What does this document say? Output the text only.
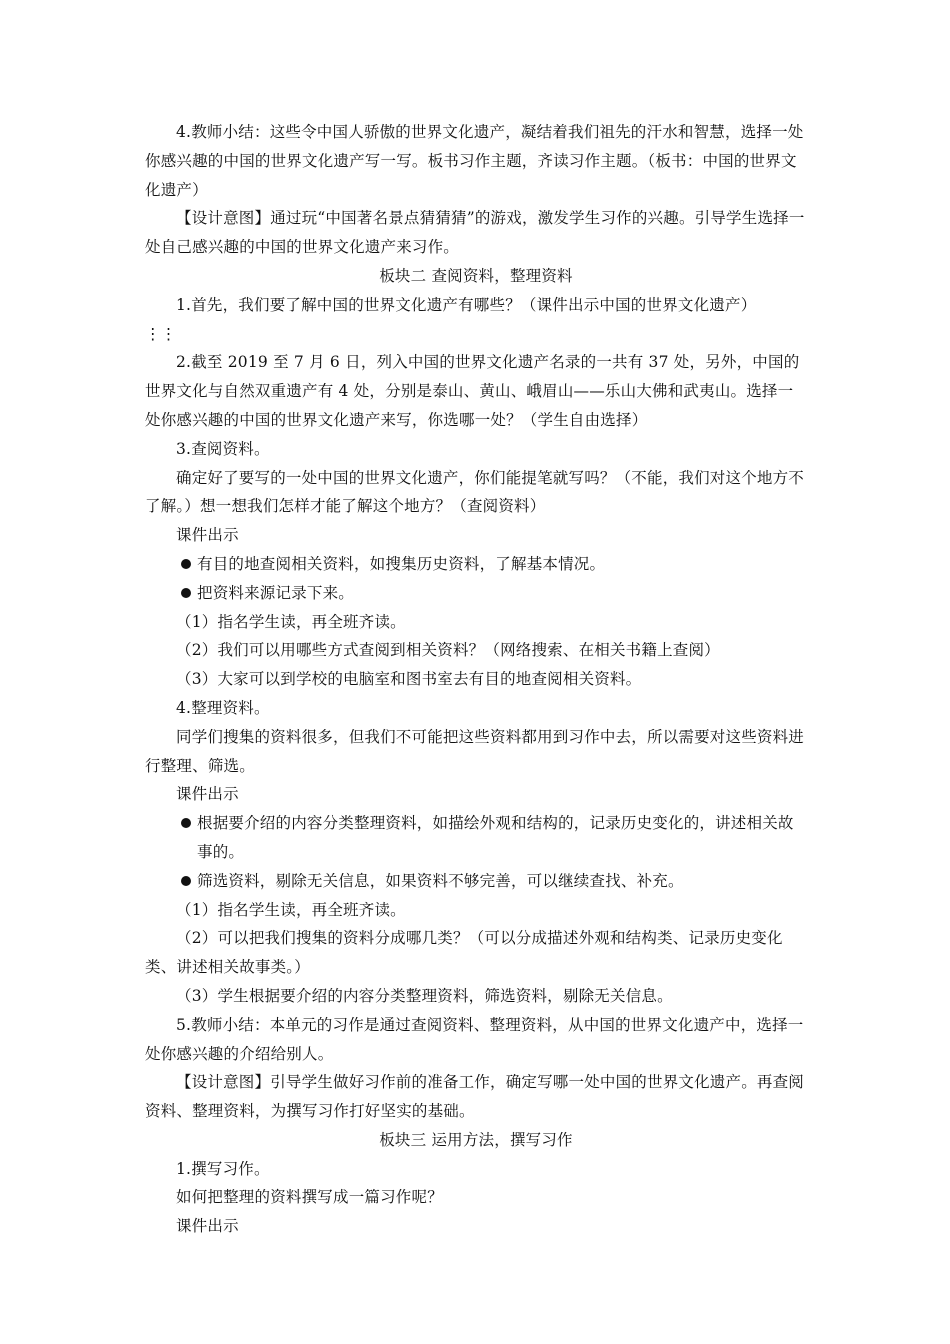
4.教师小结：这些令中国人骄傲的世界文化遗产，凝结着我们祖先的汗水和智慧，选择一处你感兴趣的中国的世界文化遗产写一写。板书习作主题，齐读习作主题。（板书：中国的世界文化遗产）

【设计意图】通过玩“中国著名景点猜猜猜”的游戏，激发学生习作的兴趣。引导学生选择一处自己感兴趣的中国的世界文化遗产来习作。

板块二 查阅资料，整理资料

1.首先，我们要了解中国的世界文化遗产有哪些？（课件出示中国的世界文化遗产）

⋮⋮

2.截至 2019 至 7 月 6 日，列入中国的世界文化遗产名录的一共有 37 处，另外，中国的世界文化与自然双重遗产有 4 处，分别是泰山、黄山、峨眉山——乐山大佛和武夷山。选择一处你感兴趣的中国的世界文化遗产来写，你选哪一处？（学生自由选择）

3.查阅资料。

确定好了要写的一处中国的世界文化遗产，你们能提笔就写吗？（不能，我们对这个地方不了解。）想一想我们怎样才能了解这个地方？（查阅资料）

课件出示

有目的地查阅相关资料，如搜集历史资料，了解基本情况。
把资料来源记录下来。

（1）指名学生读，再全班齐读。

（2）我们可以用哪些方式查阅到相关资料？（网络搜索、在相关书籍上查阅）

（3）大家可以到学校的电脑室和图书室去有目的地查阅相关资料。

4.整理资料。

同学们搜集的资料很多，但我们不可能把这些资料都用到习作中去，所以需要对这些资料进行整理、筛选。

课件出示

根据要介绍的内容分类整理资料，如描绘外观和结构的，记录历史变化的，讲述相关故事的。
筛选资料，剔除无关信息，如果资料不够完善，可以继续查找、补充。

（1）指名学生读，再全班齐读。

（2）可以把我们搜集的资料分成哪几类？（可以分成描述外观和结构类、记录历史变化类、讲述相关故事类。）

（3）学生根据要介绍的内容分类整理资料，筛选资料，剔除无关信息。

5.教师小结：本单元的习作是通过查阅资料、整理资料，从中国的世界文化遗产中，选择一处你感兴趣的介绍给别人。

【设计意图】引导学生做好习作前的准备工作，确定写哪一处中国的世界文化遗产。再查阅资料、整理资料，为撰写习作打好坚实的基础。

板块三 运用方法，撰写习作

1.撰写习作。

如何把整理的资料撰写成一篇习作呢？

课件出示
